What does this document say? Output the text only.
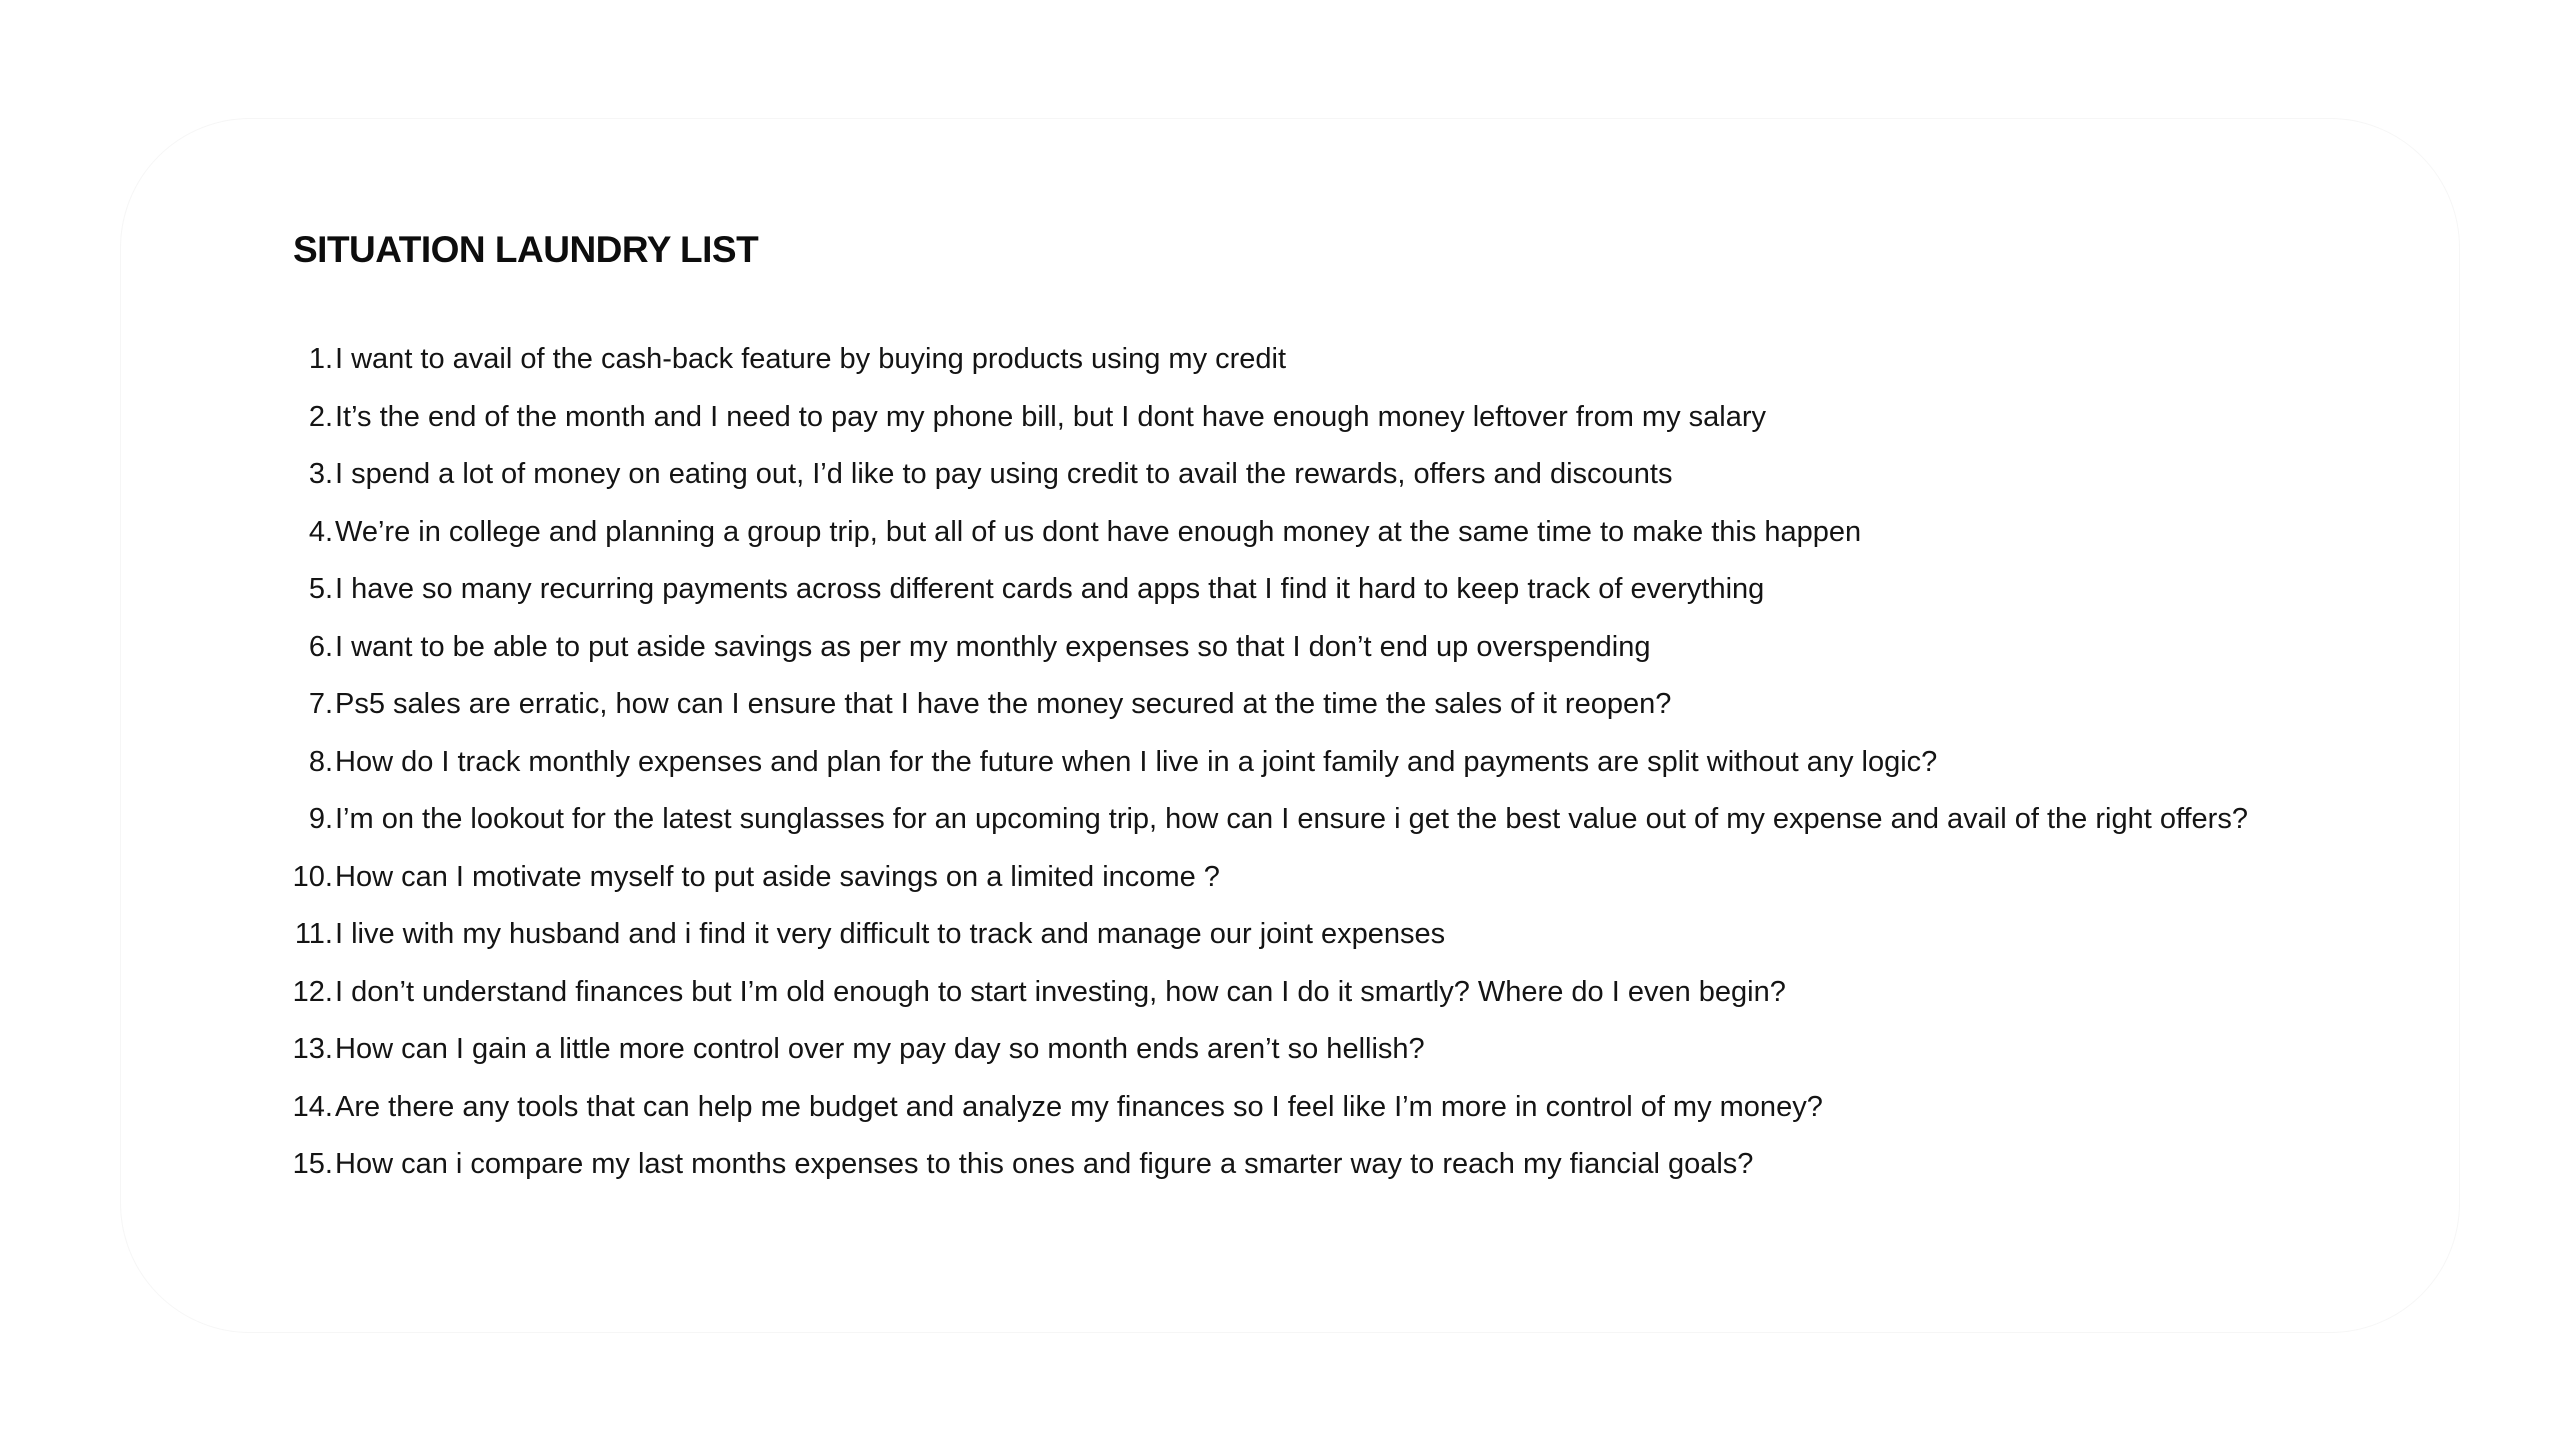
SITUATION LAUNDRY LIST
1.I want to avail of the cash-back feature by buying products using my credit
2.It’s the end of the month and I need to pay my phone bill, but I dont have enough money leftover from my salary
3.I spend a lot of money on eating out, I’d like to pay using credit to avail the rewards, offers and discounts
4.We’re in college and planning a group trip, but all of us dont have enough money at the same time to make this happen
5.I have so many recurring payments across different cards and apps that I find it hard to keep track of everything
6.I want to be able to put aside savings as per my monthly expenses so that I don’t end up overspending
7.Ps5 sales are erratic, how can I ensure that I have the money secured at the time the sales of it reopen?
8.How do I track monthly expenses and plan for the future when I live in a joint family and payments are split without any logic?
9.I’m on the lookout for the latest sunglasses for an upcoming trip, how can I ensure i get the best value out of my expense and avail of the right offers?
10.How can I motivate myself to put aside savings on a limited income ?
11.I live with my husband and i find it very difficult to track and manage our joint expenses
12.I don’t understand finances but I’m old enough to start investing, how can I do it smartly? Where do I even begin?
13.How can I gain a little more control over my pay day so month ends aren’t so hellish?
14.Are there any tools that can help me budget and analyze my finances so I feel like I’m more in control of my money?
15.How can i compare my last months expenses to this ones and figure a smarter way to reach my fiancial goals?
